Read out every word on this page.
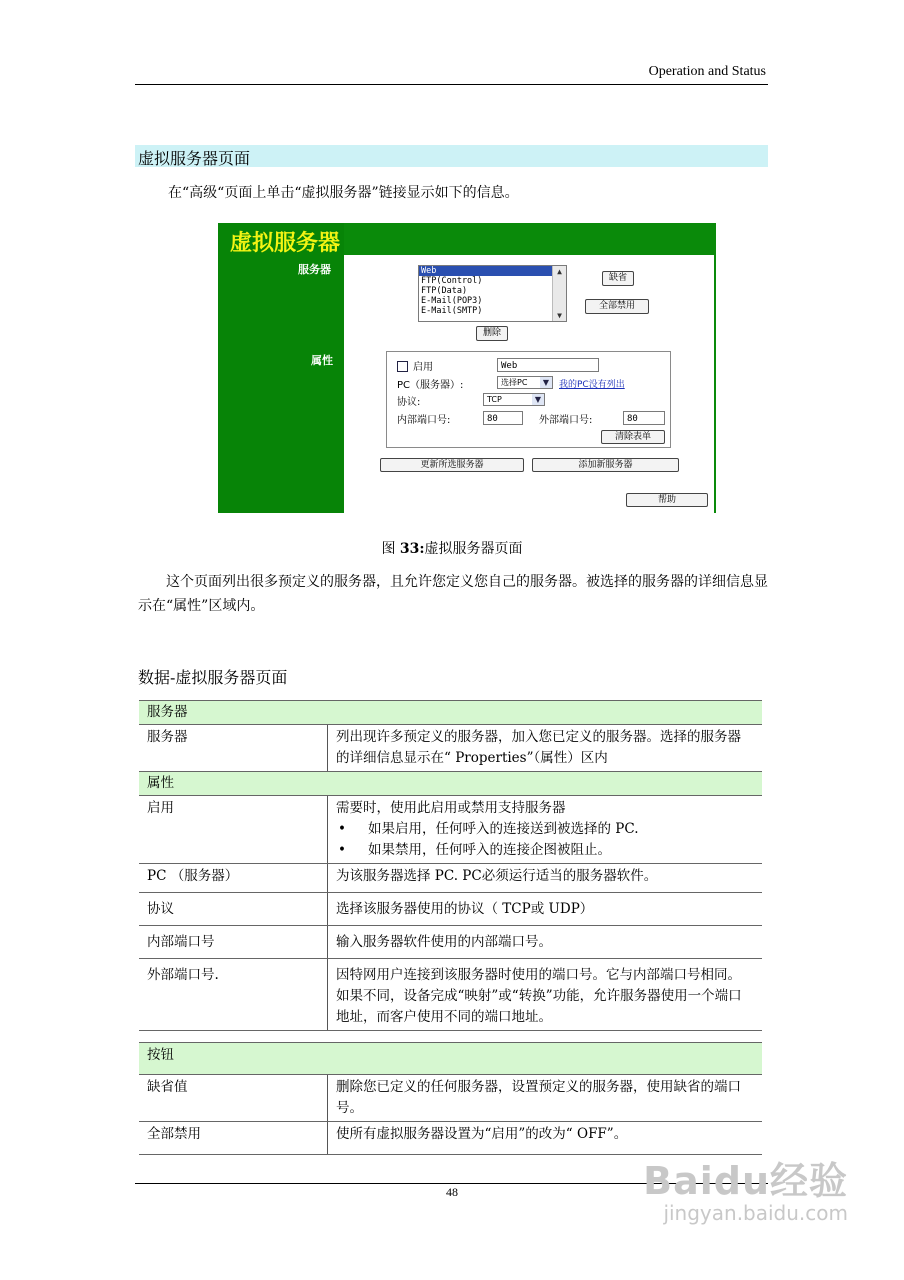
Operation and Status
虚拟服务器页面
在“高级“页面上单击“虚拟服务器”链接显示如下的信息。
虚拟服务器
服务器
属性
Web
FTP(Control)
FTP(Data)
E-Mail(POP3)
E-Mail(SMTP)
▲
▼
缺省
全部禁用
删除
启用	Web
PC（服务器）:	选择PC	▼	我的PC没有列出
协议:	TCP	▼
内部端口号:	80	外部端口号:	80
清除表单
更新所选服务器	添加新服务器
帮助
图 33:虚拟服务器页面
这个页面列出很多预定义的服务器，且允许您定义您自己的服务器。被选择的服务器的详细信息显示在“属性”区域内。
数据-虚拟服务器页面
服务器	
服务器	列出现许多预定义的服务器，加入您已定义的服务器。选择的服务器的详细信息显示在“ Properties”（属性）区内
属性	
启用	需要时，使用此启用或禁用支持服务器
• 如果启用，任何呼入的连接送到被选择的 PC.
• 如果禁用，任何呼入的连接企图被阻止。

PC （服务器）	为该服务器选择 PC. PC必须运行适当的服务器软件。
协议	选择该服务器使用的协议（ TCP或 UDP）
内部端口号	输入服务器软件使用的内部端口号。
外部端口号.	因特网用户连接到该服务器时使用的端口号。它与内部端口号相同。如果不同，设备完成“映射”或“转换”功能，允许服务器使用一个端口地址，而客户使用不同的端口地址。
按钮	
缺省值	删除您已定义的任何服务器，设置预定义的服务器，使用缺省的端口号。
全部禁用	使所有虚拟服务器设置为“启用”的改为“ OFF”。
48	Baidu经验
jingyan.baidu.com
